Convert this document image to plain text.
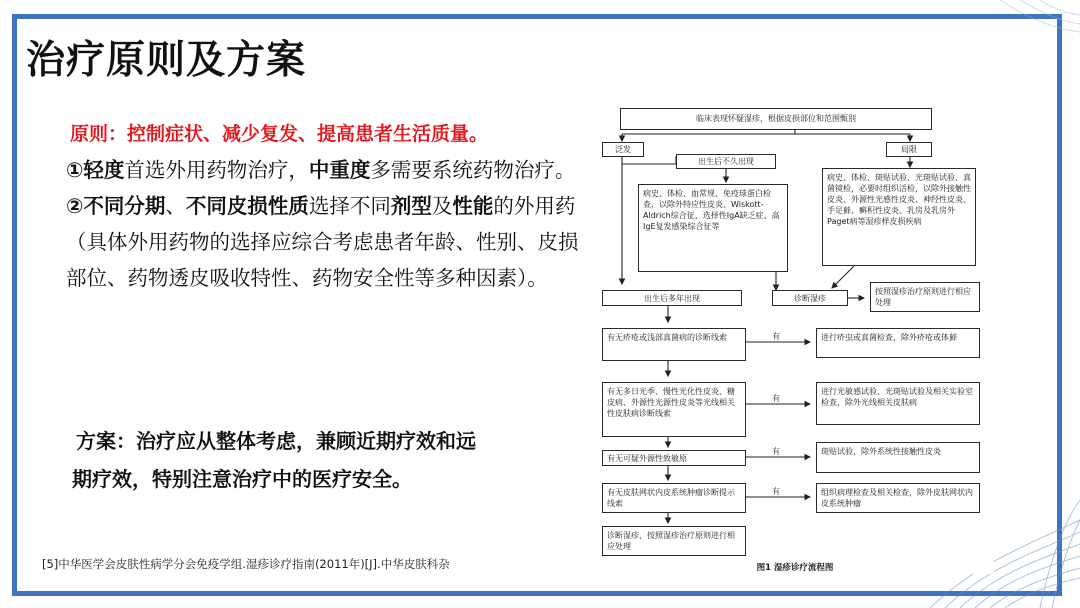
治疗原则及方案
原则：控制症状、减少复发、提高患者生活质量。

①轻度首选外用药物治疗，中重度多需要系统药物治疗。

②不同分期、不同皮损性质选择不同剂型及性能的外用药（具体外用药物的选择应综合考虑患者年龄、性别、皮损部位、药物透皮吸收特性、药物安全性等多种因素）。

方案：治疗应从整体考虑，兼顾近期疗效和远

期疗效，特别注意治疗中的医疗安全。

[5]中华医学会皮肤性病学分会免疫学组.湿疹诊疗指南(2011年)[J].中华皮肤科杂
临床表现怀疑湿疹，根据皮损部位和范围甄别
泛发	局限
出生后不久出现
病史、体检、血常规、免疫球蛋白检查，以除外特应性皮炎、Wiskott-Aldrich综合征、选择性IgA缺乏症、高IgE复发感染综合征等
病史、体检、斑贴试验、光斑贴试验、真菌镜检，必要时组织活检，以除外接触性皮炎、外源性光感性皮炎、神经性皮炎、手足藓、癣积性皮炎、乳房及乳房外Paget病等湿疹样皮损疾病
出生后多年出现	诊断湿疹
按照湿疹治疗原则进行相应处理
有无疥疮或浅部真菌病的诊断线索	进行疥虫或真菌检查，除外疥疮或体藓
有无多日光季、慢性光化性皮炎、糖皮病、外源性光源性皮炎等光线相关性皮肤病诊断线索
进行光敏感试验、光斑贴试验及相关实验室检查，除外光线相关皮肤病
有无可疑外源性致敏原
斑贴试验，除外系统性接触性皮炎
有无皮肤网状内皮系统肿瘤诊断提示线索
组织病理检查及相关检查，除外皮肤网状内皮系统肿瘤
诊断湿疹，按照湿疹治疗原则进行相应处理
有
有
有
有
图1 湿疹诊疗流程图
